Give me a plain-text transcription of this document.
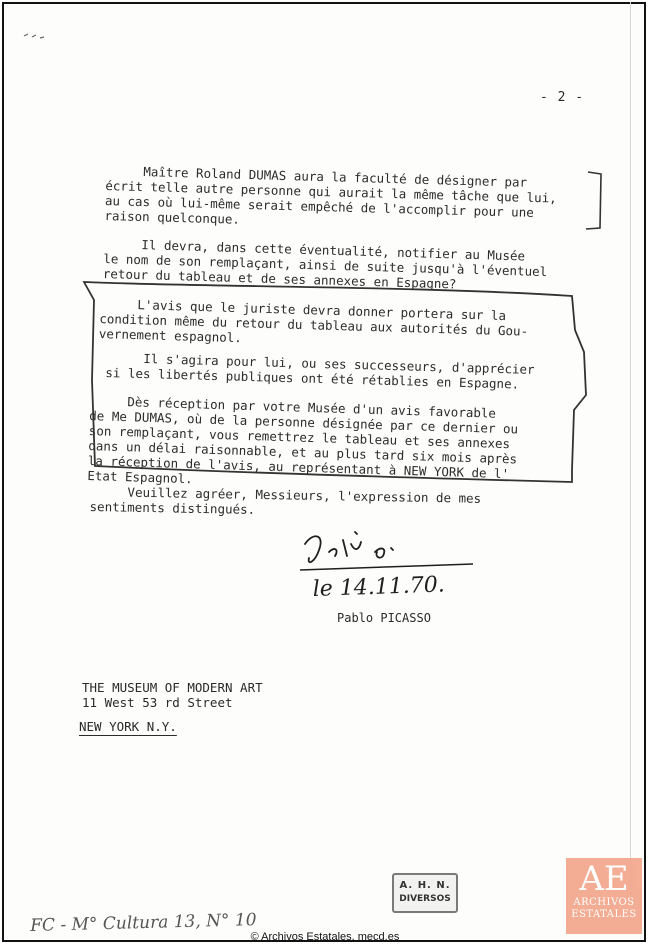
- 2 -
Maître Roland DUMAS aura la faculté de désigner par
écrit telle autre personne qui aurait la même tâche que lui,
au cas où lui-même serait empêché de l'accomplir pour une
raison quelconque.
Il devra, dans cette éventualité, notifier au Musée
le nom de son remplaçant, ainsi de suite jusqu'à l'éventuel
retour du tableau et de ses annexes en Espagne?
L'avis que le juriste devra donner portera sur la
condition même du retour du tableau aux autorités du Gou-
vernement espagnol.
Il s'agira pour lui, ou ses successeurs, d'apprécier
si les libertés publiques ont été rétablies en Espagne.
Dès réception par votre Musée d'un avis favorable
de Me DUMAS, où de la personne désignée par ce dernier ou
son remplaçant, vous remettrez le tableau et ses annexes
dans un délai raisonnable, et au plus tard six mois après
la réception de l'avis, au représentant à NEW YORK de l'
Etat Espagnol.
Veuillez agréer, Messieurs, l'expression de mes
sentiments distingués.
le 14.11.70.
Pablo PICASSO
THE MUSEUM OF MODERN ART
11 West 53 rd Street
NEW YORK N.Y.
A. H. N.
DIVERSOS	AE
ARCHIVOS
ESTATALES
FC - M° Cultura 13, N° 10
© Archivos Estatales, mecd.es
